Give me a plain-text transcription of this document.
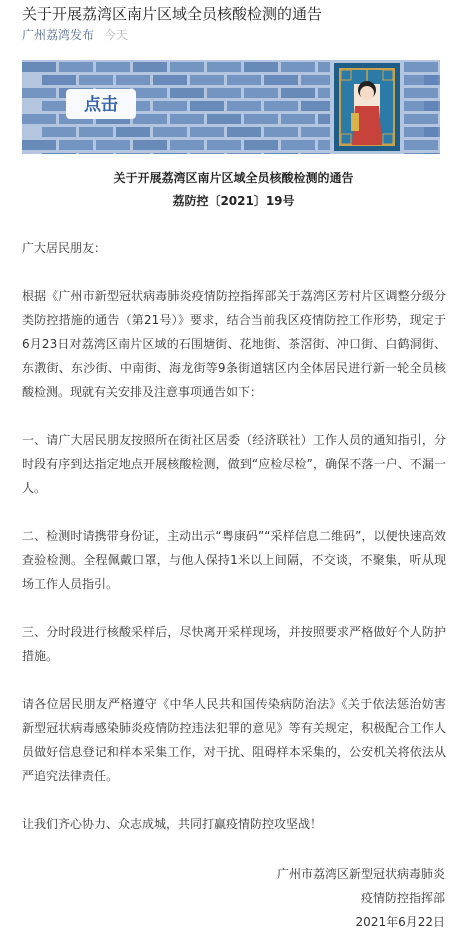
关于开展荔湾区南片区域全员核酸检测的通告
广州荔湾发布 今天
点击
关于开展荔湾区南片区域全员核酸检测的通告
荔防控〔2021〕19号
广大居民朋友：
根据《广州市新型冠状病毒肺炎疫情防控指挥部关于荔湾区芳村片区调整分级分类防控措施的通告（第21号）》要求，结合当前我区疫情防控工作形势，现定于6月23日对荔湾区南片区域的石围塘街、花地街、茶滘街、冲口街、白鹤洞街、东漖街、东沙街、中南街、海龙街等9条街道辖区内全体居民进行新一轮全员核酸检测。现就有关安排及注意事项通告如下：
一、请广大居民朋友按照所在街社区居委（经济联社）工作人员的通知指引，分时段有序到达指定地点开展核酸检测，做到“应检尽检”，确保不落一户、不漏一人。
二、检测时请携带身份证，主动出示“粤康码”“采样信息二维码”，以便快速高效查验检测。全程佩戴口罩，与他人保持1米以上间隔，不交谈，不聚集，听从现场工作人员指引。
三、分时段进行核酸采样后，尽快离开采样现场，并按照要求严格做好个人防护措施。
请各位居民朋友严格遵守《中华人民共和国传染病防治法》《关于依法惩治妨害新型冠状病毒感染肺炎疫情防控违法犯罪的意见》等有关规定，积极配合工作人员做好信息登记和样本采集工作，对干扰、阻碍样本采集的，公安机关将依法从严追究法律责任。
让我们齐心协力、众志成城，共同打赢疫情防控攻坚战！
广州市荔湾区新型冠状病毒肺炎
疫情防控指挥部
2021年6月22日
